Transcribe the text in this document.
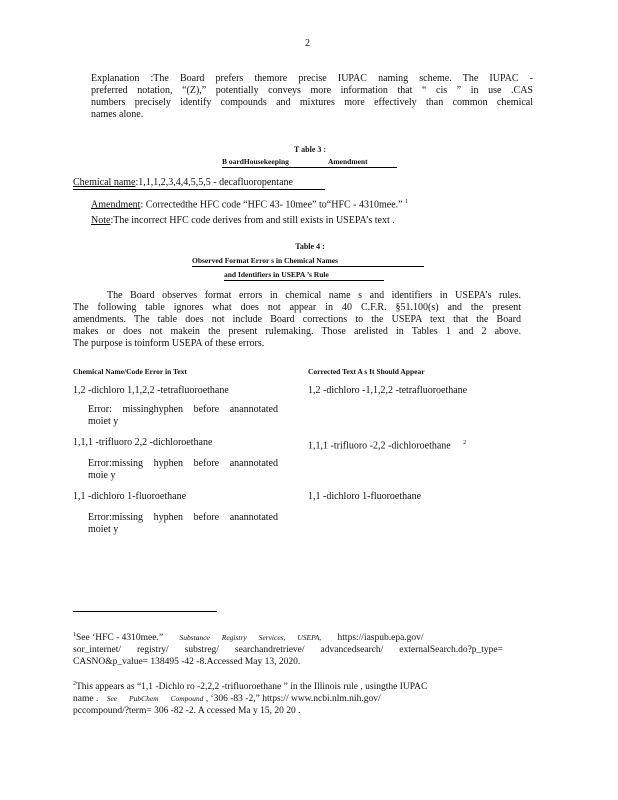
2
Explanation :The Board prefers themore precise IUPAC naming scheme. The IUPAC -
preferred notation, “(Z),” potentially conveys more information that “ cis ” in use .CAS
numbers precisely identify compounds and mixtures more effectively than common chemical
names alone.
T able 3 :
B oardHousekeeping	Amendment
Chemical name:1,1,1,2,3,4,4,5,5,5 - decafluoropentane
Amendment: Correctedthe HFC code “HFC 43- 10mee” to“HFC - 4310mee.” $^1$
Note:The incorrect HFC code derives from and still exists in USEPA’s text .
Table 4 :
Observed Format Error s in Chemical Names
and Identifiers in USEPA ’s Rule
The Board observes format errors in chemical name s and identifiers in USEPA’s rules.
The following table ignores what does not appear in 40 C.F.R. §51.100(s) and the present
amendments. The table does not include Board corrections to the USEPA text that the Board
makes or does not makein the present rulemaking. Those arelisted in Tables 1 and 2 above.
The purpose is toinform USEPA of these errors.
Chemical Name/Code Error in Text	Corrected Text A s It Should Appear
1,2 -dichloro 1,1,2,2 -tetrafluoroethane	1,2 -dichloro -1,1,2,2 -tetrafluoroethane
Error: missinghyphen before anannotated
moiet y
1,1,1 -trifluoro 2,2 -dichloroethane	1,1,1 -trifluoro -2,2 -dichloroethane $^2$
Error:missing hyphen before anannotated
moie y
1,1 -dichloro 1-fluoroethane	1,1 -dichloro 1-fluoroethane
Error:missing hyphen before anannotated
moiet y
$^1$See ‘HFC - 4310mee.” Substance Registry Services, USEPA, https://iaspub.epa.gov/
sor_internet/ registry/ substreg/ searchandretrieve/ advancedsearch/ externalSearch.do?p_type=
CASNO&p_value= 138495 -42 -8.Accessed May 13, 2020.
$^2$This appears as “1,1 -Dichlo ro -2,2,2 -trifluoroethane ” in the Illinois rule , usingthe IUPAC
name . See PubChem Compound , ‘306 -83 -2,” https:// www.ncbi.nlm.nih.gov/
pccompound/?term= 306 -82 -2. A ccessed Ma y 15, 20 20 .
